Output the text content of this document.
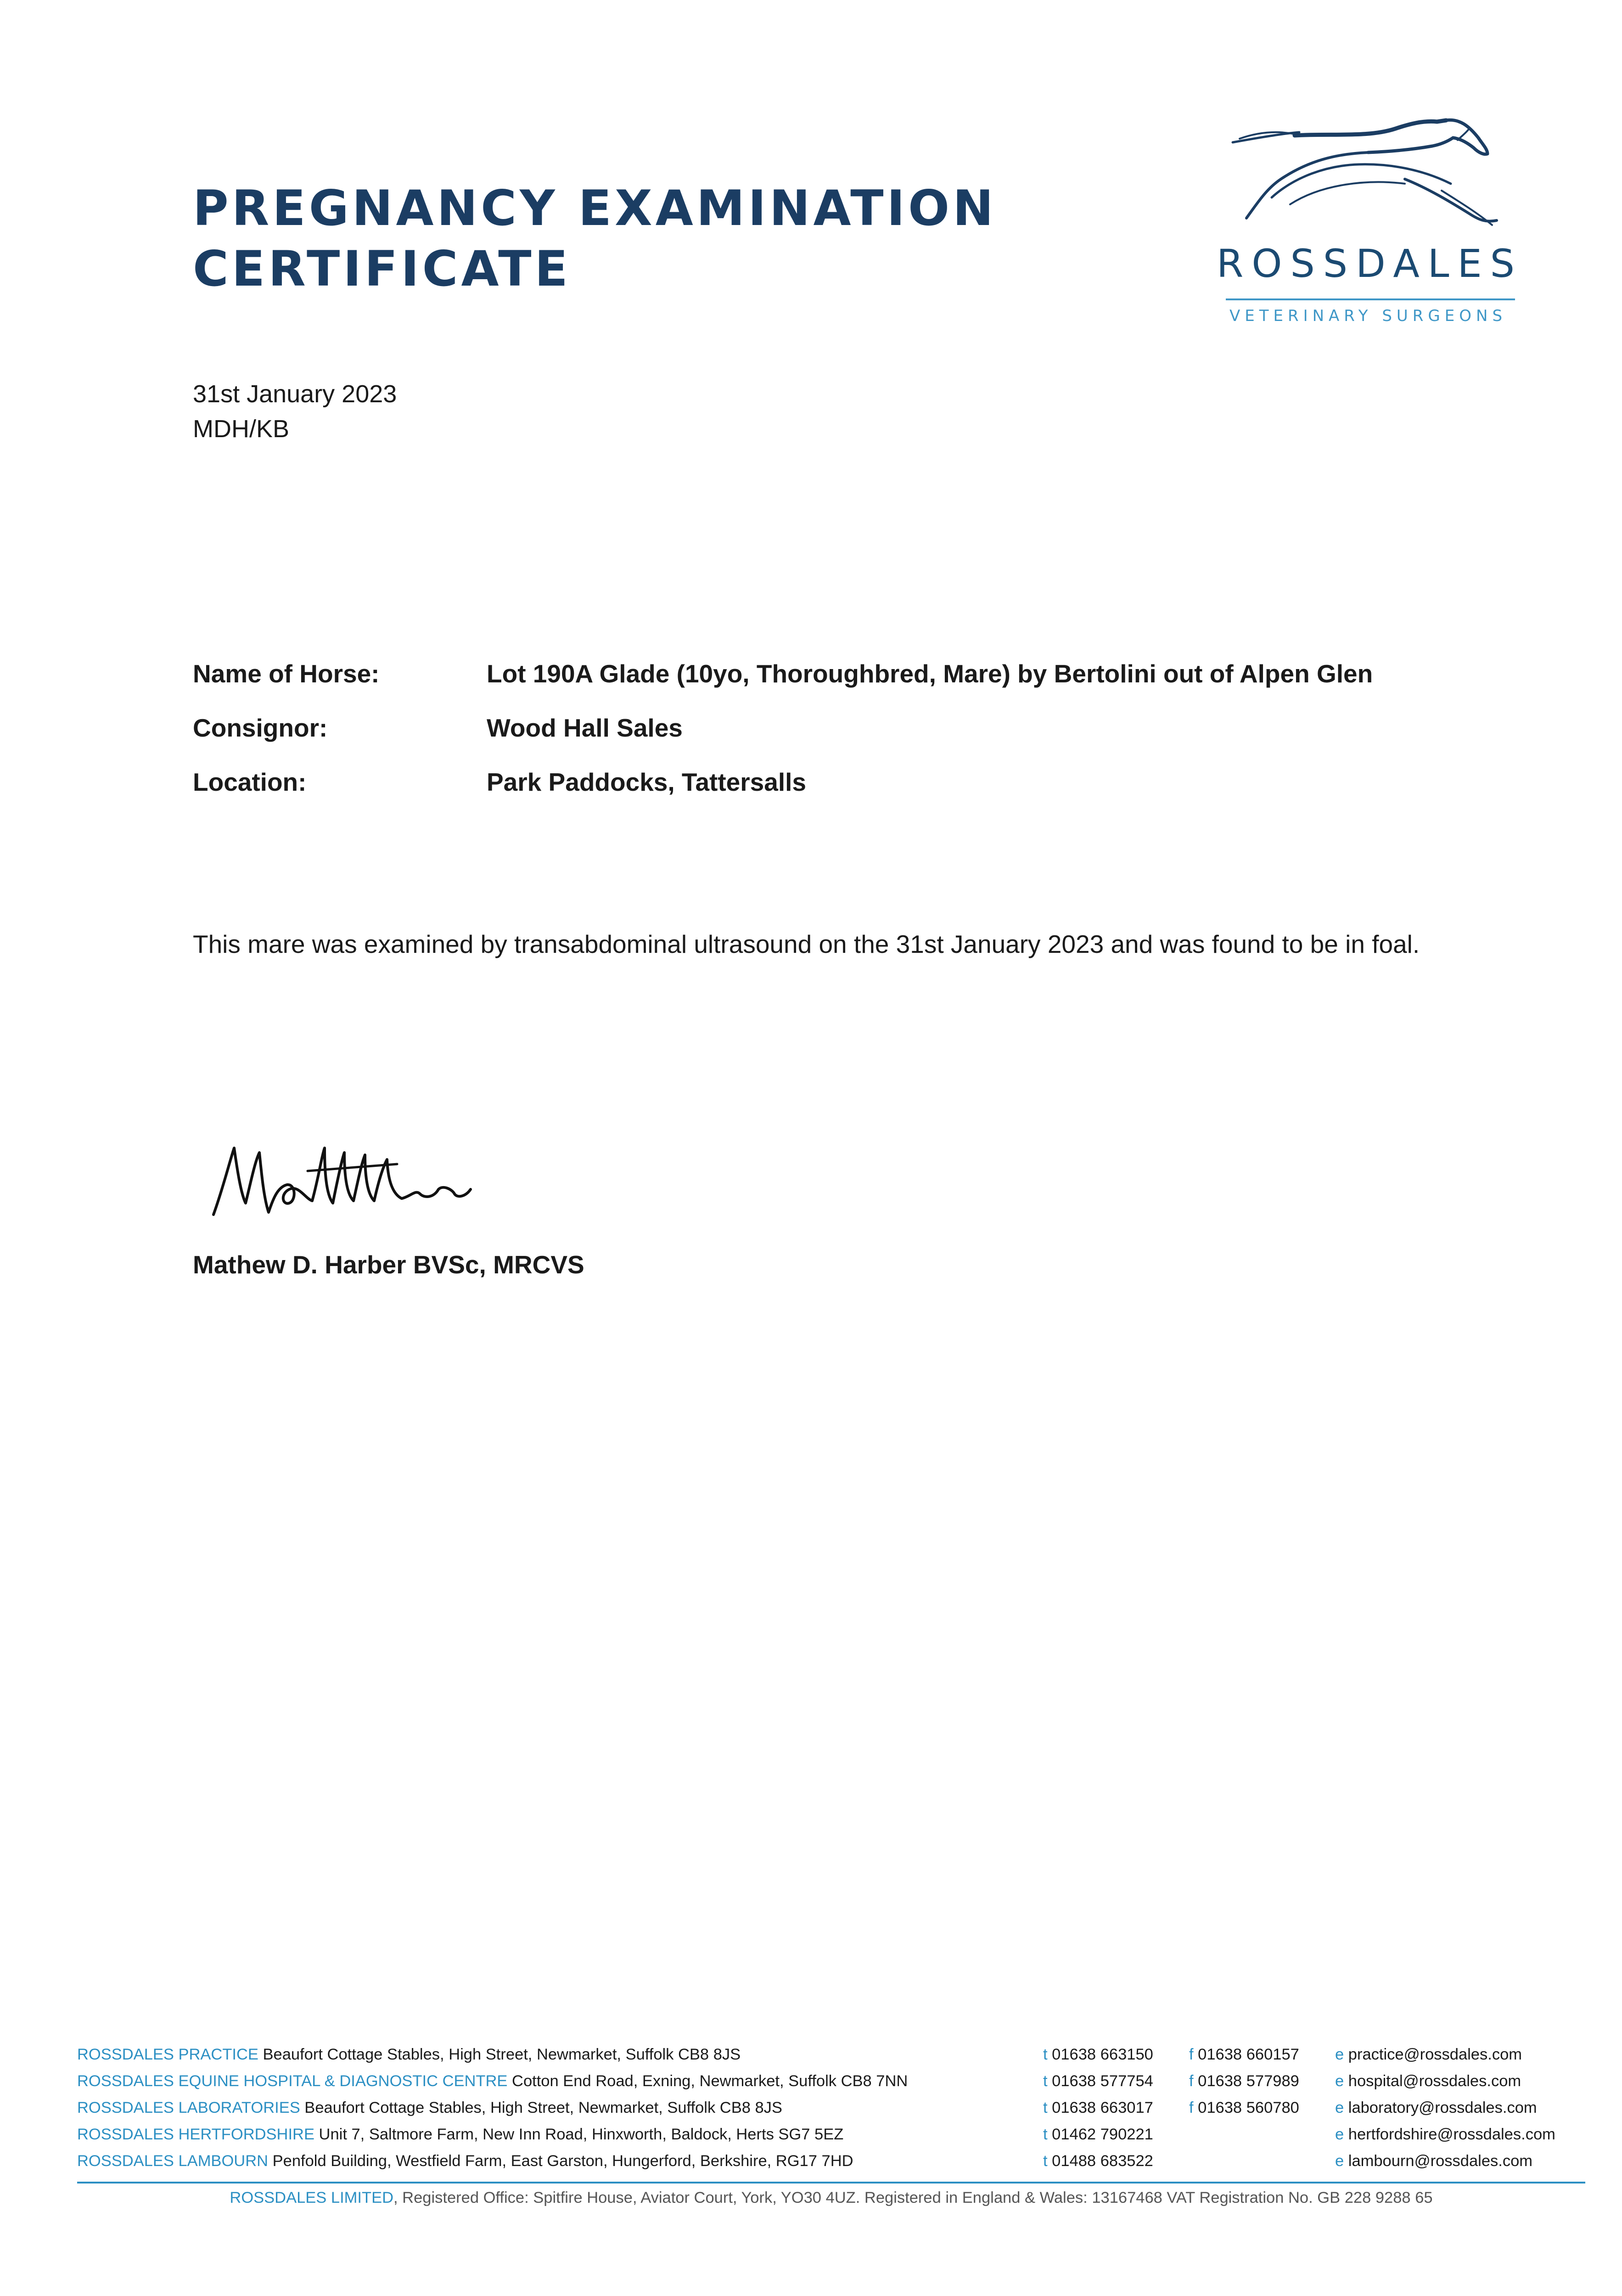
PREGNANCY EXAMINATION
CERTIFICATE	ROSSDALES
VETERINARY SURGEONS
31st January 2023
MDH/KB
Name of Horse:	Lot 190A Glade (10yo, Thoroughbred, Mare) by Bertolini out of Alpen Glen
Consignor:	Wood Hall Sales
Location:	Park Paddocks, Tattersalls

This mare was examined by transabdominal ultrasound on the 31st January 2023 and was found to be in foal.

Mathew D. Harber BVSc, MRCVS
ROSSDALES PRACTICE Beaufort Cottage Stables, High Street, Newmarket, Suffolk CB8 8JS	t 01638 663150 f 01638 660157 e practice@rossdales.com
ROSSDALES EQUINE HOSPITAL & DIAGNOSTIC CENTRE Cotton End Road, Exning, Newmarket, Suffolk CB8 7NN	t 01638 577754 f 01638 577989 e hospital@rossdales.com
ROSSDALES LABORATORIES Beaufort Cottage Stables, High Street, Newmarket, Suffolk CB8 8JS	t 01638 663017 f 01638 560780 e laboratory@rossdales.com
ROSSDALES HERTFORDSHIRE Unit 7, Saltmore Farm, New Inn Road, Hinxworth, Baldock, Herts SG7 5EZ	t 01462 790221	e hertfordshire@rossdales.com
ROSSDALES LAMBOURN Penfold Building, Westfield Farm, East Garston, Hungerford, Berkshire, RG17 7HD	t 01488 683522	e lambourn@rossdales.com
ROSSDALES LIMITED, Registered Office: Spitfire House, Aviator Court, York, YO30 4UZ. Registered in England & Wales: 13167468 VAT Registration No. GB 228 9288 65
